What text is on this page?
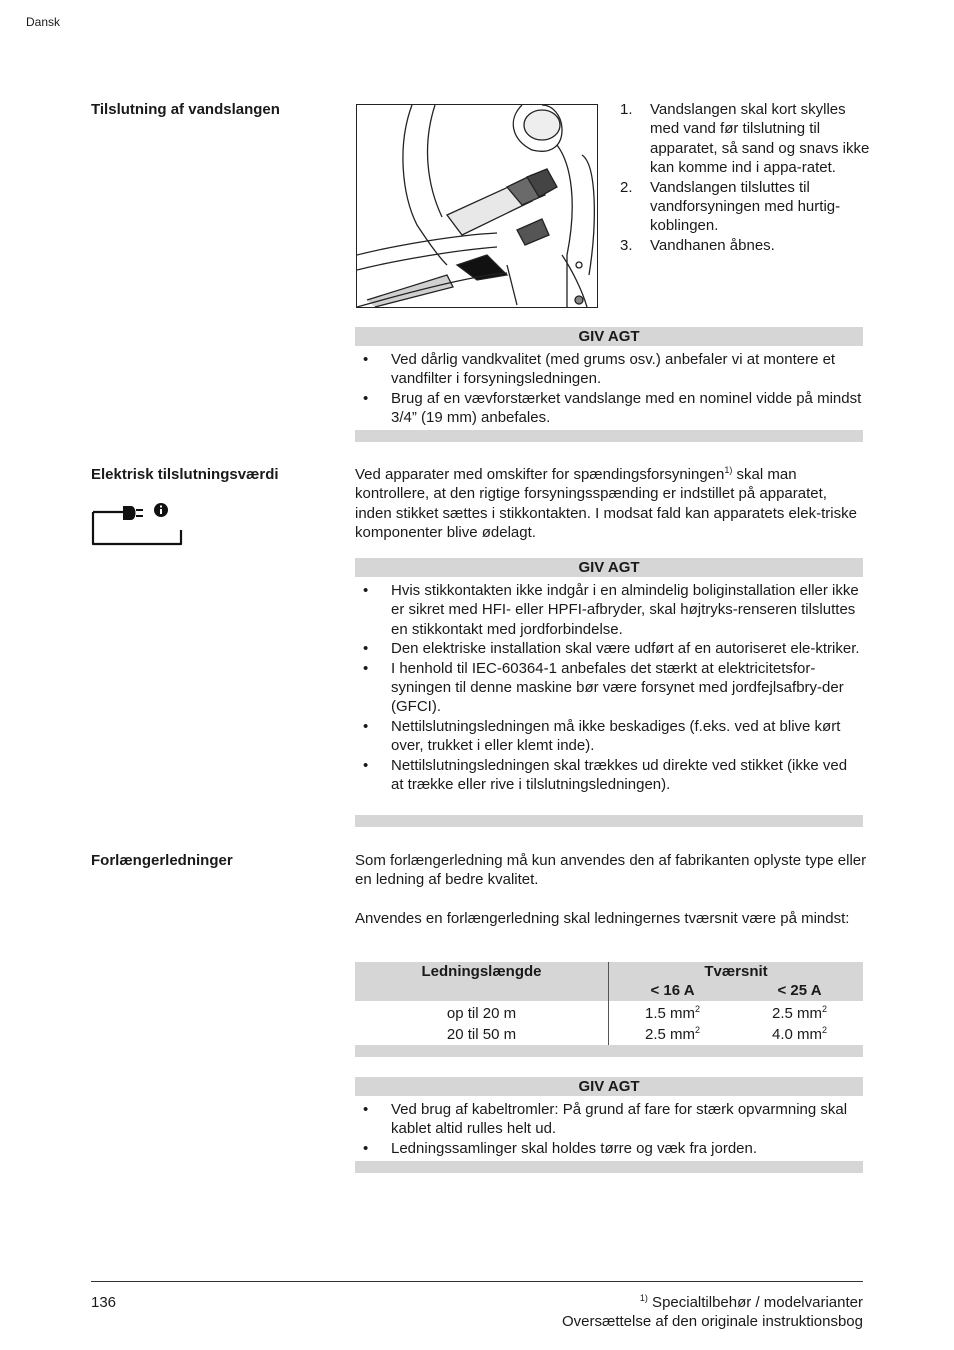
Dansk
Tilslutning af vandslangen	1. Vandslangen skal kort skylles med vand før tilslutning til apparatet, så sand og snavs ikke kan komme ind i appa-ratet.
2. Vandslangen tilsluttes til vandforsyningen med hurtig-koblingen.
3. Vandhanen åbnes.
GIV AGT
• Ved dårlig vandkvalitet (med grums osv.) anbefaler vi at montere et vandfilter i forsyningsledningen.
• Brug af en vævforstærket vandslange med en nominel vidde på mindst 3/4” (19 mm) anbefales.
Elektrisk tilslutningsværdi	Ved apparater med omskifter for spændingsforsyningen$^{1)}$ skal man kontrollere, at den rigtige forsyningsspænding er indstillet på apparatet, inden stikket sættes i stikkontakten. I modsat fald kan apparatets elek-triske komponenter blive ødelagt.
GIV AGT
• Hvis stikkontakten ikke indgår i en almindelig boliginstallation eller ikke er sikret med HFI- eller HPFI-afbryder, skal højtryks-renseren tilsluttes en stikkontakt med jordforbindelse.
• Den elektriske installation skal være udført af en autoriseret ele-ktriker.
• I henhold til IEC-60364-1 anbefales det stærkt at elektricitetsfor-syningen til denne maskine bør være forsynet med jordfejlsafbry-der (GFCI).
• Nettilslutningsledningen må ikke beskadiges (f.eks. ved at blive kørt over, trukket i eller klemt inde).
• Nettilslutningsledningen skal trækkes ud direkte ved stikket (ikke ved at trække eller rive i tilslutningsledningen).
Forlængerledninger	Som forlængerledning må kun anvendes den af fabrikanten oplyste type eller en ledning af bedre kvalitet.
Anvendes en forlængerledning skal ledningernes tværsnit være på mindst:
Ledningslængde	Tværsnit	
	< 16 A	< 25 A
op til 20 m	1.5 $mm^2$	2.5 $mm^2$
20 til 50 m	2.5 $mm^2$	4.0 $mm^2$
GIV AGT
• Ved brug af kabeltromler: På grund af fare for stærk opvarmning skal kablet altid rulles helt ud.
• Ledningssamlinger skal holdes tørre og væk fra jorden.
136	$^{1)}$ Specialtilbehør / modelvarianter
Oversættelse af den originale instruktionsbog
